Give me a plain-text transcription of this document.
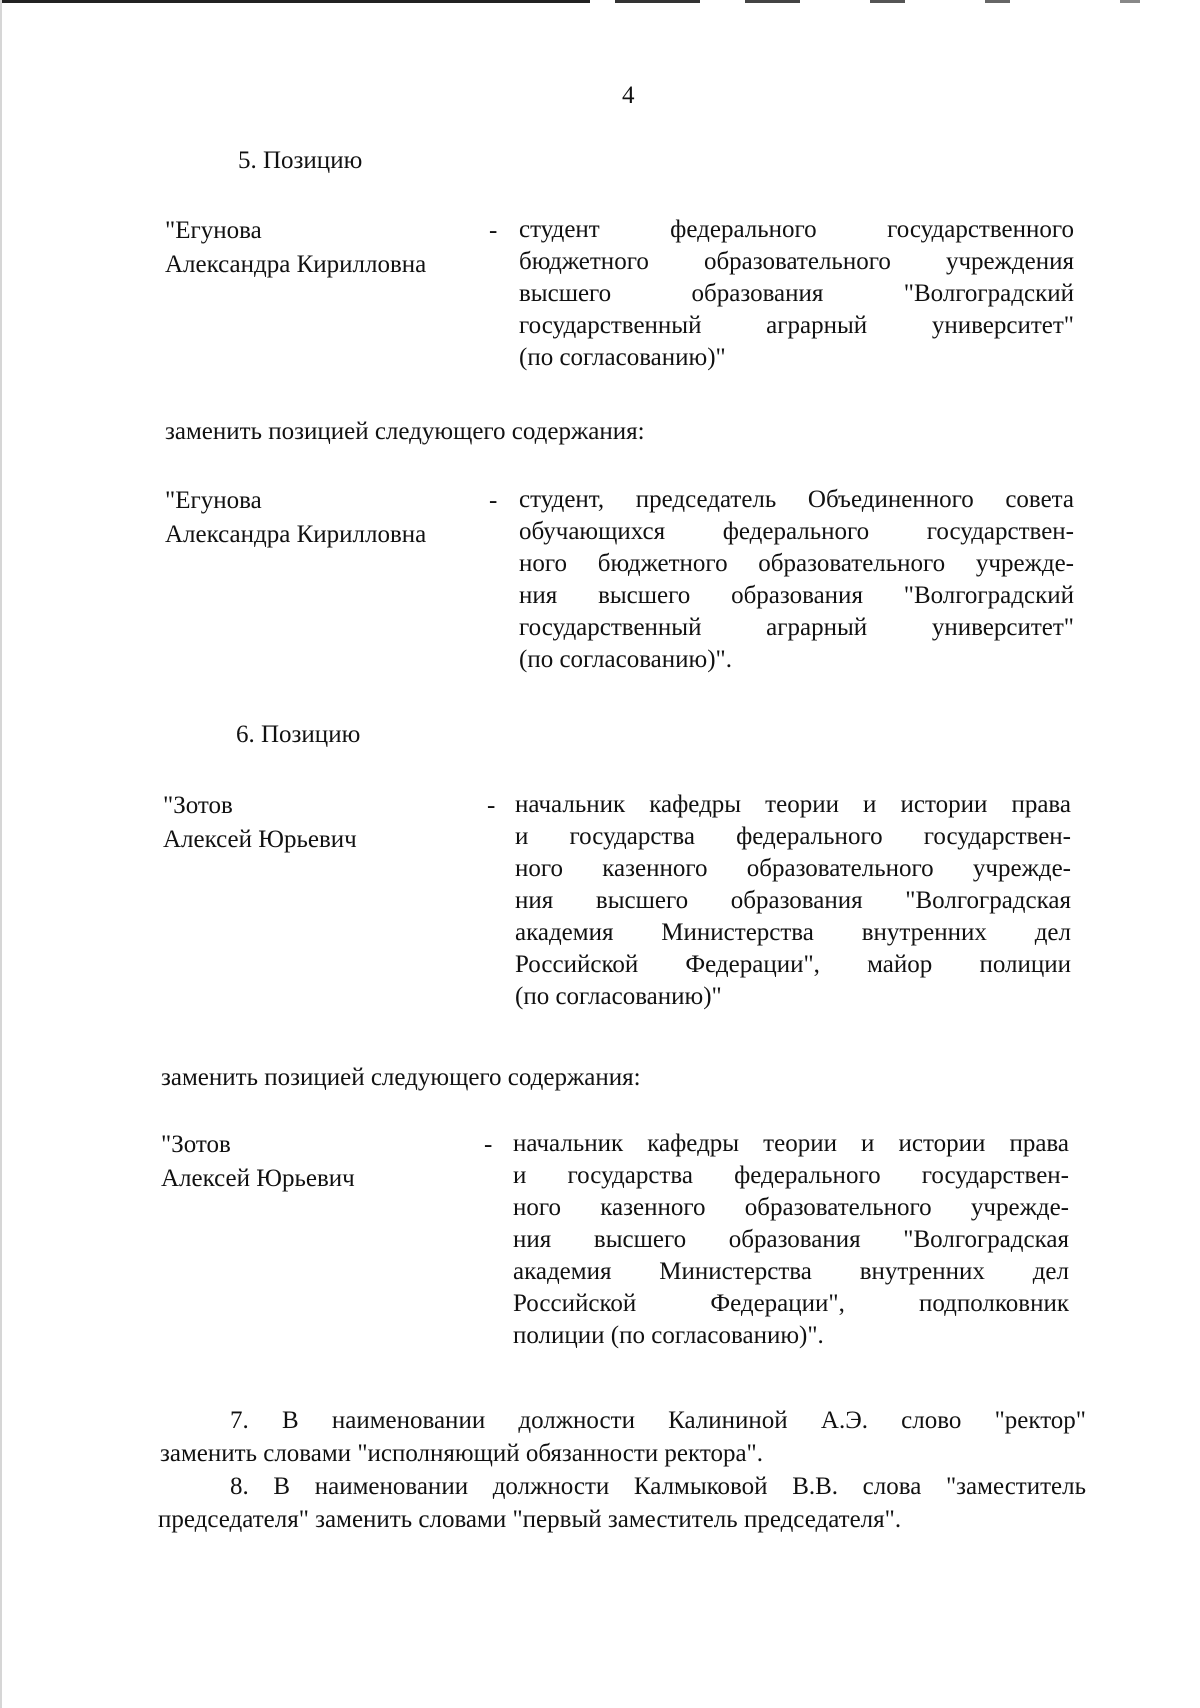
4
5. Позицию
"Егунова
Александра Кирилловна
- студент федерального государственного
бюджетного образовательного учреждения
высшего образования "Волгоградский
государственный аграрный университет"
(по согласованию)"
заменить позицией следующего содержания:
"Егунова
Александра Кирилловна
- студент, председатель Объединенного совета
обучающихся федерального государствен-
ного бюджетного образовательного учрежде-
ния высшего образования "Волгоградский
государственный аграрный университет"
(по согласованию)".
6. Позицию
"Зотов
Алексей Юрьевич
- начальник кафедры теории и истории права
и государства федерального государствен-
ного казенного образовательного учрежде-
ния высшего образования "Волгоградская
академия Министерства внутренних дел
Российской Федерации", майор полиции
(по согласованию)"
заменить позицией следующего содержания:
"Зотов
Алексей Юрьевич
- начальник кафедры теории и истории права
и государства федерального государствен-
ного казенного образовательного учрежде-
ния высшего образования "Волгоградская
академия Министерства внутренних дел
Российской Федерации", подполковник
полиции (по согласованию)".
7. В наименовании должности Калининой А.Э. слово "ректор"
заменить словами "исполняющий обязанности ректора".
8. В наименовании должности Калмыковой В.В. слова "заместитель
председателя" заменить словами "первый заместитель председателя".
